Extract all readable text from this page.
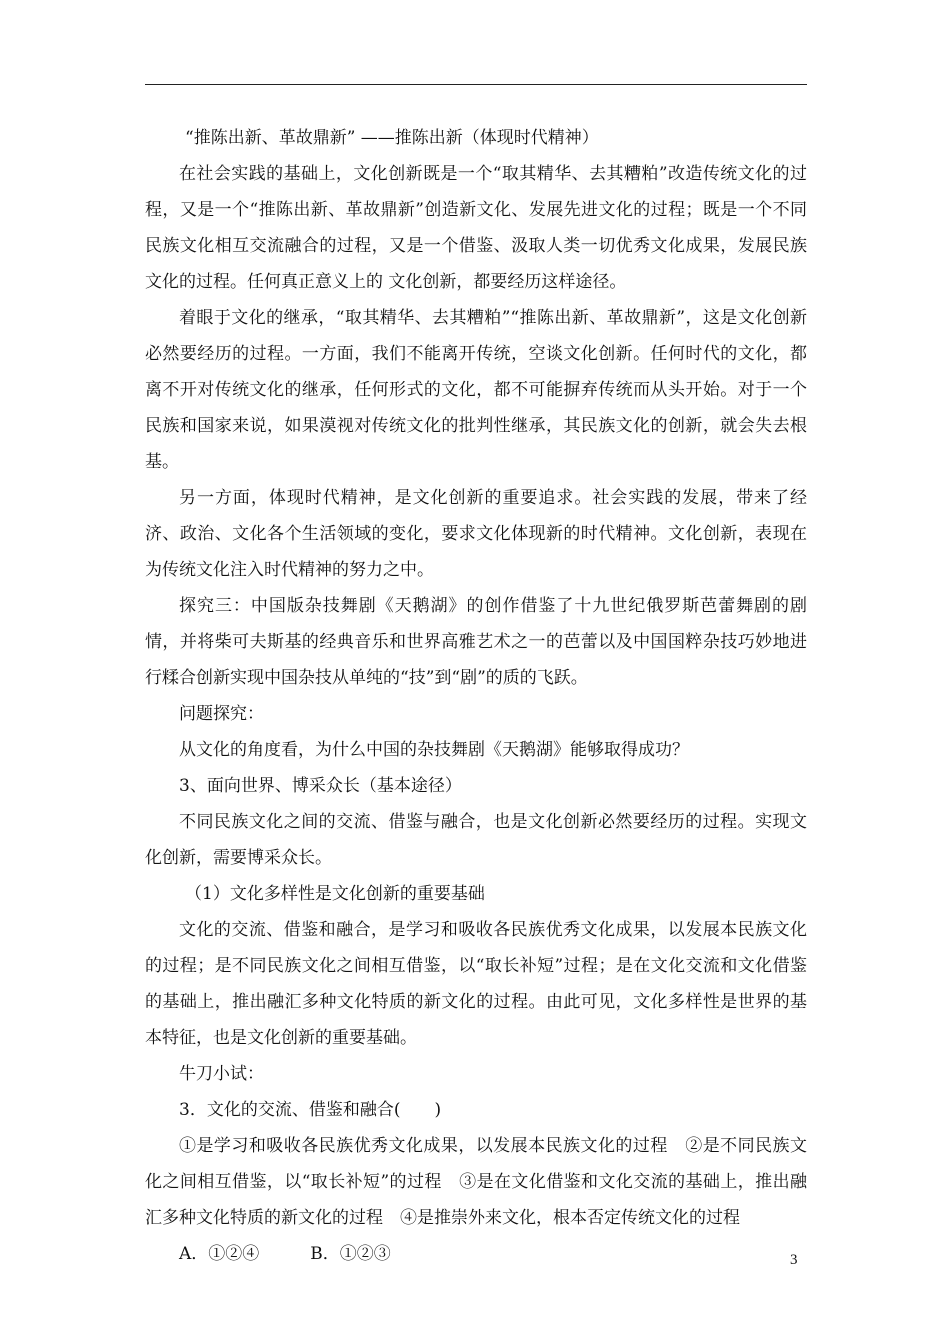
“推陈出新、革故鼎新” ——推陈出新（体现时代精神）

在社会实践的基础上，文化创新既是一个“取其精华、去其糟粕”改造传统文化的过程，又是一个“推陈出新、革故鼎新”创造新文化、发展先进文化的过程；既是一个不同民族文化相互交流融合的过程，又是一个借鉴、汲取人类一切优秀文化成果，发展民族文化的过程。任何真正意义上的 文化创新，都要经历这样途径。

着眼于文化的继承，“取其精华、去其糟粕”“推陈出新、革故鼎新”，这是文化创新必然要经历的过程。一方面，我们不能离开传统，空谈文化创新。任何时代的文化，都离不开对传统文化的继承，任何形式的文化，都不可能摒弃传统而从头开始。对于一个民族和国家来说，如果漠视对传统文化的批判性继承，其民族文化的创新，就会失去根基。

另一方面，体现时代精神，是文化创新的重要追求。社会实践的发展，带来了经济、政治、文化各个生活领域的变化，要求文化体现新的时代精神。文化创新，表现在为传统文化注入时代精神的努力之中。

探究三：中国版杂技舞剧《天鹅湖》的创作借鉴了十九世纪俄罗斯芭蕾舞剧的剧情，并将柴可夫斯基的经典音乐和世界高雅艺术之一的芭蕾以及中国国粹杂技巧妙地进行糅合创新实现中国杂技从单纯的“技”到“剧”的质的飞跃。

问题探究：

从文化的角度看，为什么中国的杂技舞剧《天鹅湖》能够取得成功？

3、面向世界、博采众长（基本途径）

不同民族文化之间的交流、借鉴与融合，也是文化创新必然要经历的过程。实现文化创新，需要博采众长。

（1）文化多样性是文化创新的重要基础

文化的交流、借鉴和融合，是学习和吸收各民族优秀文化成果，以发展本民族文化的过程；是不同民族文化之间相互借鉴，以“取长补短”过程；是在文化交流和文化借鉴的基础上，推出融汇多种文化特质的新文化的过程。由此可见，文化多样性是世界的基本特征，也是文化创新的重要基础。

牛刀小试：

3．文化的交流、借鉴和融合(　　)

①是学习和吸收各民族优秀文化成果，以发展本民族文化的过程　②是不同民族文化之间相互借鉴，以“取长补短”的过程　③是在文化借鉴和文化交流的基础上，推出融汇多种文化特质的新文化的过程　④是推崇外来文化，根本否定传统文化的过程

A．①②④　　　B．①②③	3
